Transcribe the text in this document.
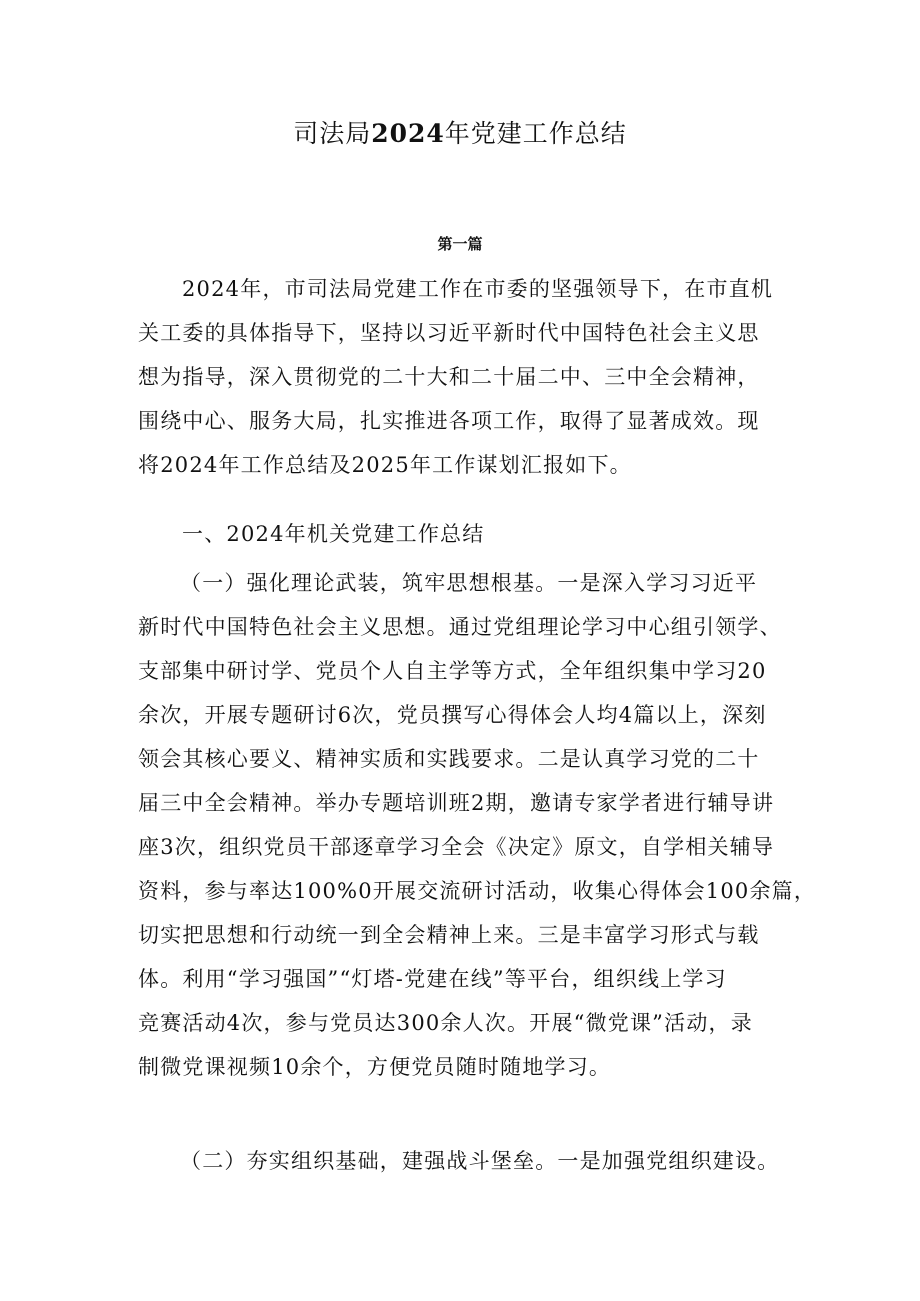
司法局2024年党建工作总结
第一篇
2024年，市司法局党建工作在市委的坚强领导下，在市直机
关工委的具体指导下，坚持以习近平新时代中国特色社会主义思
想为指导，深入贯彻党的二十大和二十届二中、三中全会精神，
围绕中心、服务大局，扎实推进各项工作，取得了显著成效。现
将2024年工作总结及2025年工作谋划汇报如下。
一、2024年机关党建工作总结
（一）强化理论武装，筑牢思想根基。一是深入学习习近平
新时代中国特色社会主义思想。通过党组理论学习中心组引领学、
支部集中研讨学、党员个人自主学等方式，全年组织集中学习20
余次，开展专题研讨6次，党员撰写心得体会人均4篇以上，深刻
领会其核心要义、精神实质和实践要求。二是认真学习党的二十
届三中全会精神。举办专题培训班2期，邀请专家学者进行辅导讲
座3次，组织党员干部逐章学习全会《决定》原文，自学相关辅导
资料，参与率达100%0开展交流研讨活动，收集心得体会100余篇，
切实把思想和行动统一到全会精神上来。三是丰富学习形式与载
体。利用“学习强国”“灯塔-党建在线”等平台，组织线上学习
竞赛活动4次，参与党员达300余人次。开展“微党课”活动，录
制微党课视频10余个，方便党员随时随地学习。
（二）夯实组织基础，建强战斗堡垒。一是加强党组织建设。
